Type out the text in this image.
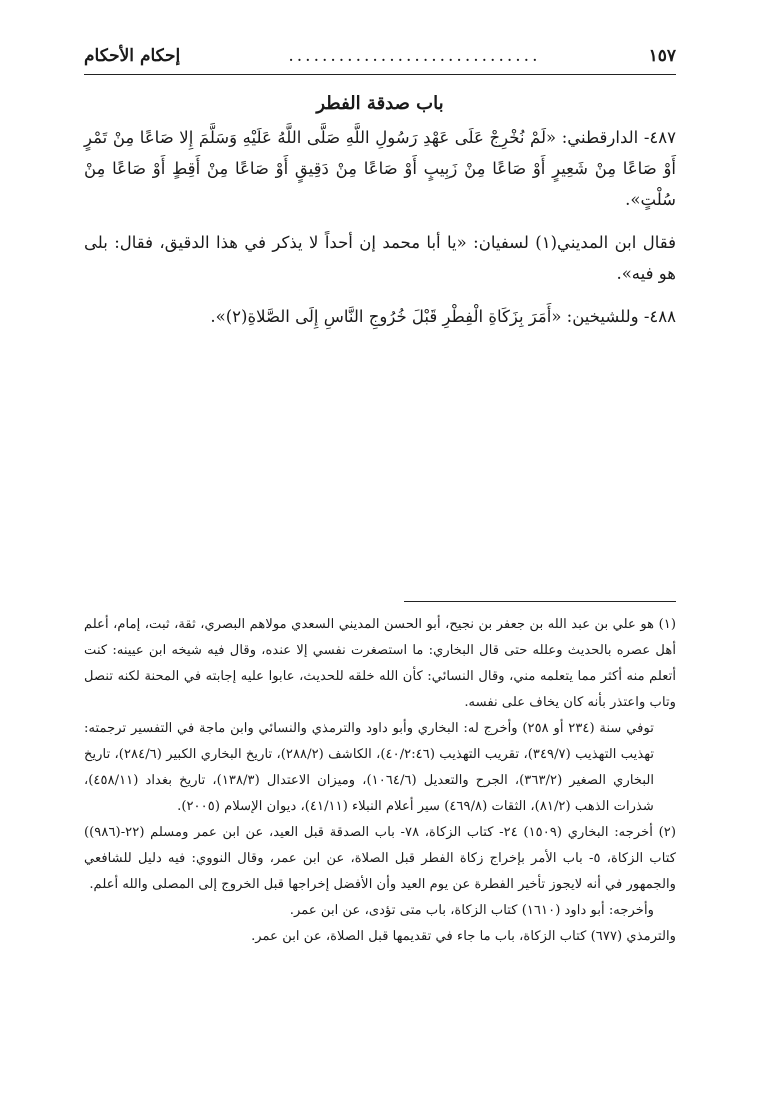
١٥٧
..............................
إحكام الأحكام
باب صدقة الفطر

٤٨٧- الدارقطني: «لَمْ نُخْرِجْ عَلَى عَهْدِ رَسُولِ اللَّهِ صَلَّى اللَّهُ عَلَيْهِ وَسَلَّمَ إِلا صَاعًا مِنْ تَمْرٍ أَوْ صَاعًا مِنْ شَعِيرٍ أَوْ صَاعًا مِنْ زَبِيبٍ أَوْ صَاعًا مِنْ دَقِيقٍ أَوْ صَاعًا مِنْ أَقِطٍ أَوْ صَاعًا مِنْ سُلْتٍ».

فقال ابن المديني(١) لسفيان: «يا أبا محمد إن أحداً لا يذكر في هذا الدقيق، فقال: بلى هو فيه».

٤٨٨- وللشيخين: «أَمَرَ بِزَكَاةِ الْفِطْرِ قَبْلَ خُرُوجِ النَّاسِ إِلَى الصَّلاةِ(٢)».

(١) هو علي بن عبد الله بن جعفر بن نجيح، أبو الحسن المديني السعدي مولاهم البصري، ثقة، ثبت، إمام، أعلم أهل عصره بالحديث وعلله حتى قال البخاري: ما استصغرت نفسي إلا عنده، وقال فيه شيخه ابن عيينه: كنت أتعلم منه أكثر مما يتعلمه مني، وقال النسائي: كأن الله خلقه للحديث، عابوا عليه إجابته في المحنة لكنه تنصل وتاب واعتذر بأنه كان يخاف على نفسه.

توفي سنة (٢٣٤ أو ٢٥٨) وأخرج له: البخاري وأبو داود والترمذي والنسائي وابن ماجة في التفسير ترجمته: تهذيب التهذيب (٣٤٩/٧)، تقريب التهذيب (٤٠/٢:٤٦)، الكاشف (٢٨٨/٢)، تاريخ البخاري الكبير (٢٨٤/٦)، تاريخ البخاري الصغير (٣٦٣/٢)، الجرح والتعديل (١٠٦٤/٦)، وميزان الاعتدال (١٣٨/٣)، تاريخ بغداد (٤٥٨/١١)، شذرات الذهب (٨١/٢)، الثقات (٤٦٩/٨) سير أعلام النبلاء (٤١/١١)، ديوان الإسلام (٢٠٠٥).

(٢) أخرجه: البخاري (١٥٠٩) ٢٤- كتاب الزكاة، ٧٨- باب الصدقة قبل العيد، عن ابن عمر ومسلم (٢٢-(٩٨٦)) كتاب الزكاة، ٥- باب الأمر بإخراج زكاة الفطر قبل الصلاة، عن ابن عمر، وقال النووي: فيه دليل للشافعي والجمهور في أنه لايجوز تأخير الفطرة عن يوم العيد وأن الأفضل إخراجها قبل الخروج إلى المصلى والله أعلم.

وأخرجه: أبو داود (١٦١٠) كتاب الزكاة، باب متى تؤدى، عن ابن عمر.

والترمذي (٦٧٧) كتاب الزكاة، باب ما جاء في تقديمها قبل الصلاة، عن ابن عمر.
